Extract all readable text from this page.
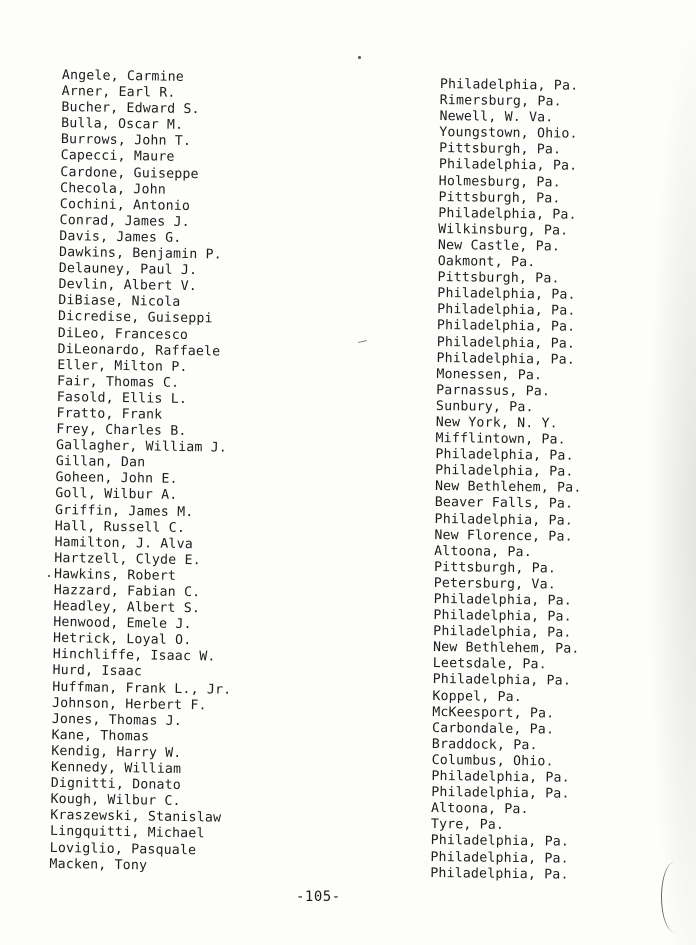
Angele, Carmine
Arner, Earl R.
Bucher, Edward S.
Bulla, Oscar M.
Burrows, John T.
Capecci, Maure
Cardone, Guiseppe
Checola, John
Cochini, Antonio
Conrad, James J.
Davis, James G.
Dawkins, Benjamin P.
Delauney, Paul J.
Devlin, Albert V.
DiBiase, Nicola
Dicredise, Guiseppi
DiLeo, Francesco
DiLeonardo, Raffaele
Eller, Milton P.
Fair, Thomas C.
Fasold, Ellis L.
Fratto, Frank
Frey, Charles B.
Gallagher, William J.
Gillan, Dan
Goheen, John E.
Goll, Wilbur A.
Griffin, James M.
Hall, Russell C.
Hamilton, J. Alva
Hartzell, Clyde E.
Hawkins, Robert
Hazzard, Fabian C.
Headley, Albert S.
Henwood, Emele J.
Hetrick, Loyal O.
Hinchliffe, Isaac W.
Hurd, Isaac
Huffman, Frank L., Jr.
Johnson, Herbert F.
Jones, Thomas J.
Kane, Thomas
Kendig, Harry W.
Kennedy, William
Dignitti, Donato
Kough, Wilbur C.
Kraszewski, Stanislaw
Lingquitti, Michael
Loviglio, Pasquale
Macken, Tony
Philadelphia, Pa.
Rimersburg, Pa.
Newell, W. Va.
Youngstown, Ohio.
Pittsburgh, Pa.
Philadelphia, Pa.
Holmesburg, Pa.
Pittsburgh, Pa.
Philadelphia, Pa.
Wilkinsburg, Pa.
New Castle, Pa.
Oakmont, Pa.
Pittsburgh, Pa.
Philadelphia, Pa.
Philadelphia, Pa.
Philadelphia, Pa.
Philadelphia, Pa.
Philadelphia, Pa.
Monessen, Pa.
Parnassus, Pa.
Sunbury, Pa.
New York, N. Y.
Mifflintown, Pa.
Philadelphia, Pa.
Philadelphia, Pa.
New Bethlehem, Pa.
Beaver Falls, Pa.
Philadelphia, Pa.
New Florence, Pa.
Altoona, Pa.
Pittsburgh, Pa.
Petersburg, Va.
Philadelphia, Pa.
Philadelphia, Pa.
Philadelphia, Pa.
New Bethlehem, Pa.
Leetsdale, Pa.
Philadelphia, Pa.
Koppel, Pa.
McKeesport, Pa.
Carbondale, Pa.
Braddock, Pa.
Columbus, Ohio.
Philadelphia, Pa.
Philadelphia, Pa.
Altoona, Pa.
Tyre, Pa.
Philadelphia, Pa.
Philadelphia, Pa.
Philadelphia, Pa.
-105-
